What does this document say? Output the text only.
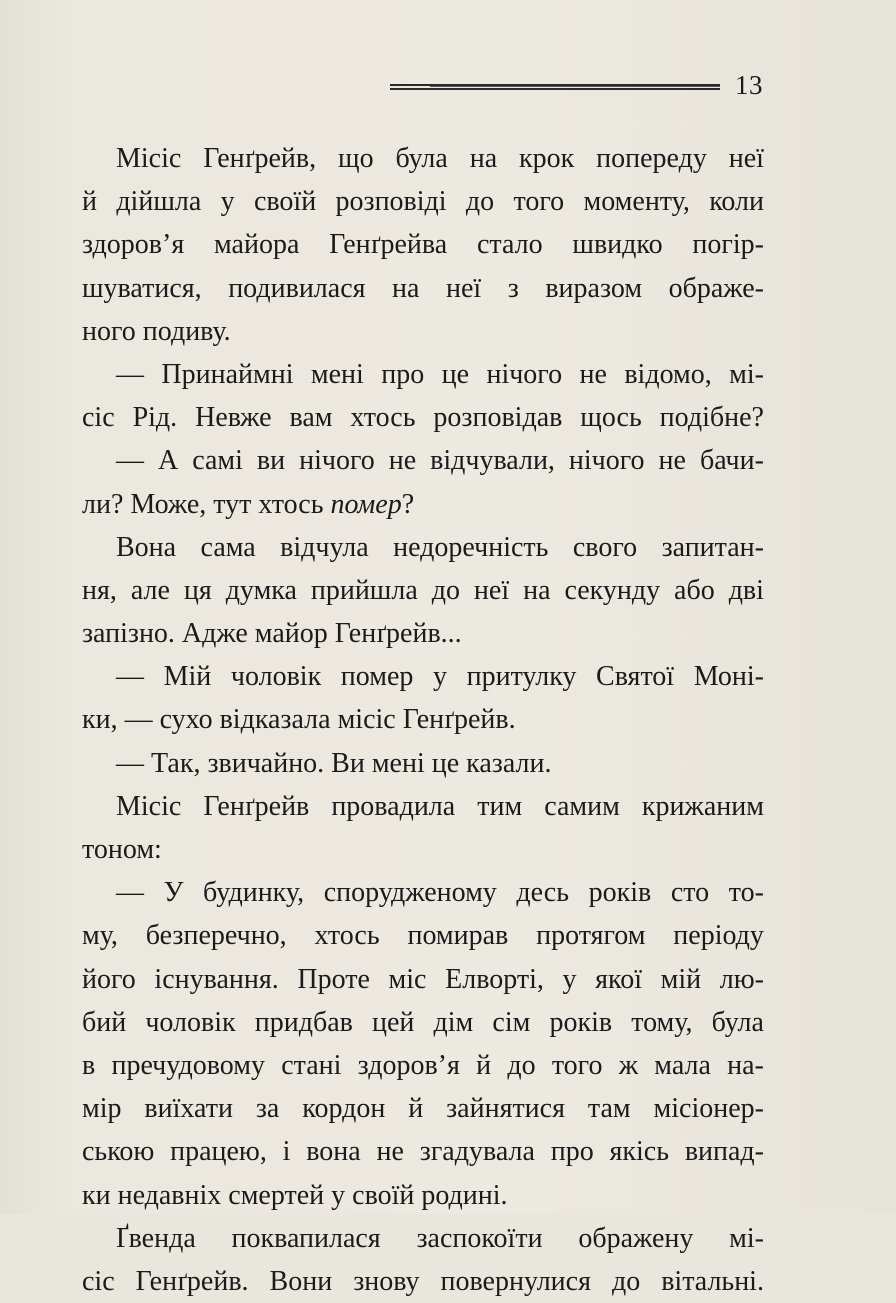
13
Місіс Генґрейв, що була на крок попереду неї
й дійшла у своїй розповіді до того моменту, коли
здоров’я майора Генґрейва стало швидко погір-
шуватися, подивилася на неї з виразом ображе-
ного подиву.
— Принаймні мені про це нічого не відомо, мі-
сіс Рід. Невже вам хтось розповідав щось подібне?
— А самі ви нічого не відчували, нічого не бачи-
ли? Може, тут хтось
помер ?
Вона сама відчула недоречність свого запитан-
ня, але ця думка прийшла до неї на секунду або дві
запізно. Адже майор Генґрейв...
— Мій чоловік помер у притулку Святої Моні-
ки, — сухо відказала місіс Генґрейв.
— Так, звичайно. Ви мені це казали.
Місіс Генґрейв провадила тим самим крижаним
тоном:
— У будинку, спорудженому десь років сто то-
му, безперечно, хтось помирав протягом періоду
його існування. Проте міс Елворті, у якої мій лю-
бий чоловік придбав цей дім сім років тому, була
в пречудовому стані здоров’я й до того ж мала на-
мір виїхати за кордон й зайнятися там місіонер-
ською працею, і вона не згадувала про якісь випад-
ки недавніх смертей у своїй родині.
Ґвенда поквапилася заспокоїти ображену мі-
сіс Генґрейв. Вони знову повернулися до вітальні.
